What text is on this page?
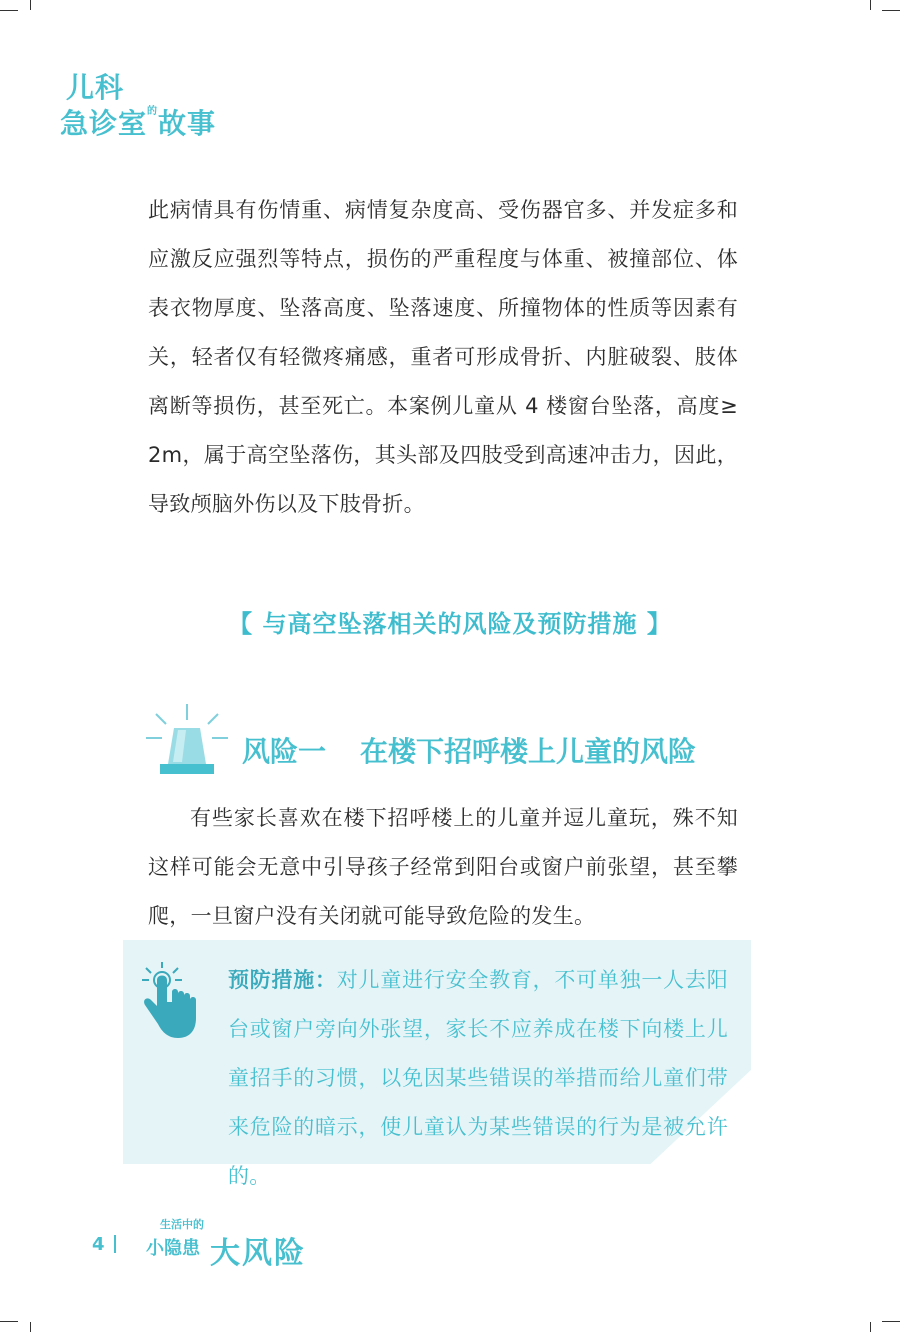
儿科
急诊室$^的$故事
此病情具有伤情重、病情复杂度高、受伤器官多、并发症多和应激反应强烈等特点，损伤的严重程度与体重、被撞部位、体表衣物厚度、坠落高度、坠落速度、所撞物体的性质等因素有关，轻者仅有轻微疼痛感，重者可形成骨折、内脏破裂、肢体离断等损伤，甚至死亡。本案例儿童从 4 楼窗台坠落，高度≥ 2m，属于高空坠落伤，其头部及四肢受到高速冲击力，因此，导致颅脑外伤以及下肢骨折。
【 与高空坠落相关的风险及预防措施 】
风险一 在楼下招呼楼上儿童的风险
有些家长喜欢在楼下招呼楼上的儿童并逗儿童玩，殊不知这样可能会无意中引导孩子经常到阳台或窗户前张望，甚至攀爬，一旦窗户没有关闭就可能导致危险的发生。
预防措施：对儿童进行安全教育，不可单独一人去阳台或窗户旁向外张望，家长不应养成在楼下向楼上儿童招手的习惯，以免因某些错误的举措而给儿童们带来危险的暗示，使儿童认为某些错误的行为是被允许的。
4
生活中的
小隐患 大风险
